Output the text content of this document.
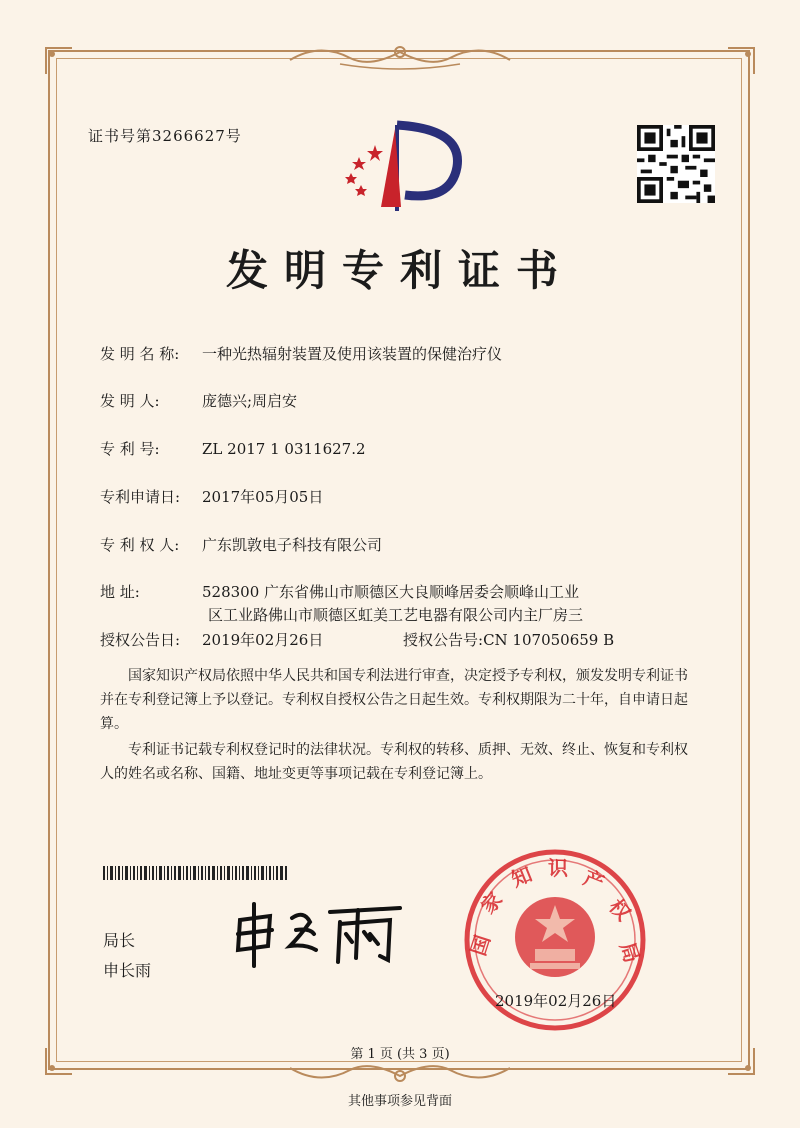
证书号第3266627号
发明专利证书
发 明 名 称: 一种光热辐射装置及使用该装置的保健治疗仪
发 明 人:	庞德兴;周启安
专 利 号:	ZL 2017 1 0311627.2
专利申请日: 2017年05月05日
专 利 权 人: 广东凯敦电子科技有限公司
地 址:	528300 广东省佛山市顺德区大良顺峰居委会顺峰山工业
区工业路佛山市顺德区虹美工艺电器有限公司内主厂房三
授权公告日: 2019年02月26日	授权公告号:CN 107050659 B
国家知识产权局依照中华人民共和国专利法进行审查，决定授予专利权，颁发发明专利证书并在专利登记簿上予以登记。专利权自授权公告之日起生效。专利权期限为二十年，自申请日起算。
专利证书记载专利权登记时的法律状况。专利权的转移、质押、无效、终止、恢复和专利权人的姓名或名称、国籍、地址变更等事项记载在专利登记簿上。
局长
申长雨
国
家
知 识 产
权
局
2019年02月26日
第 1 页 (共 3 页)
其他事项参见背面
